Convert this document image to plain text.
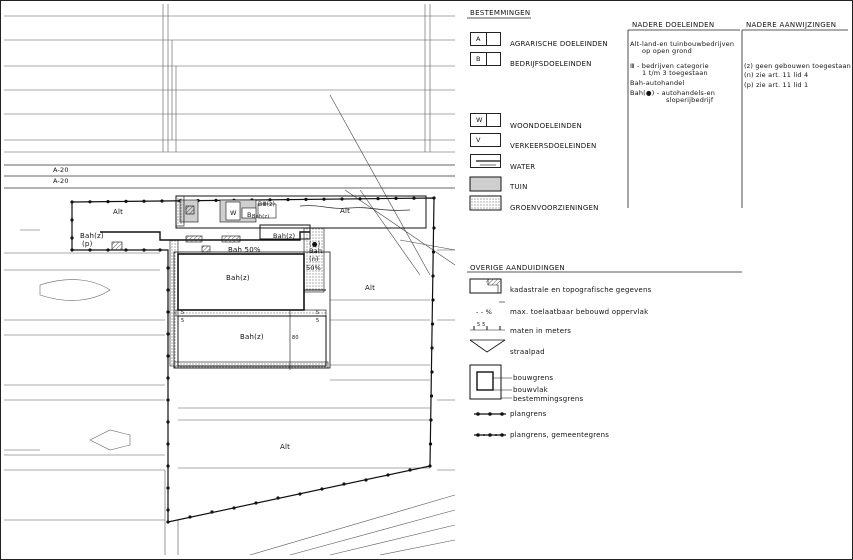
A-20
A-20
Alt	Alt
Alt
Alt
Bah(z)
(p)
Bah 50%
Bah(z)
Bah(z)
Bah(z)
(●)
Bah
(n)
50%
W B
BⅢ(z)
Bah(z)
80
5	5
5	5
BESTEMMINGEN
NADERE DOELEINDEN	NADERE AANWIJZINGEN
A
AGRARISCHE DOELEINDEN
B
BEDRIJFSDOELEINDEN
W
WOONDOELEINDEN
V
VERKEERSDOELEINDEN
WATER
TUIN
GROENVOORZIENINGEN
Alt-land-en tuinbouwbedrijven
op open grond
Ⅲ - bedrijven categorie
1 t/m 3 toegestaan
Bah-autohandel
Bah(●) - autohandels-en
sloperijbedrijf
(z) geen gebouwen toegestaan
(n) zie art. 11 lid 4
(p) zie art. 11 lid 1
OVERIGE AANDUIDINGEN
kadastrale en topografische gegevens
- - %	max. toelaatbaar bebouwd oppervlak
5 5
maten in meters
straalpad
bouwgrens
bouwvlak
bestemmingsgrens
plangrens
plangrens, gemeentegrens
